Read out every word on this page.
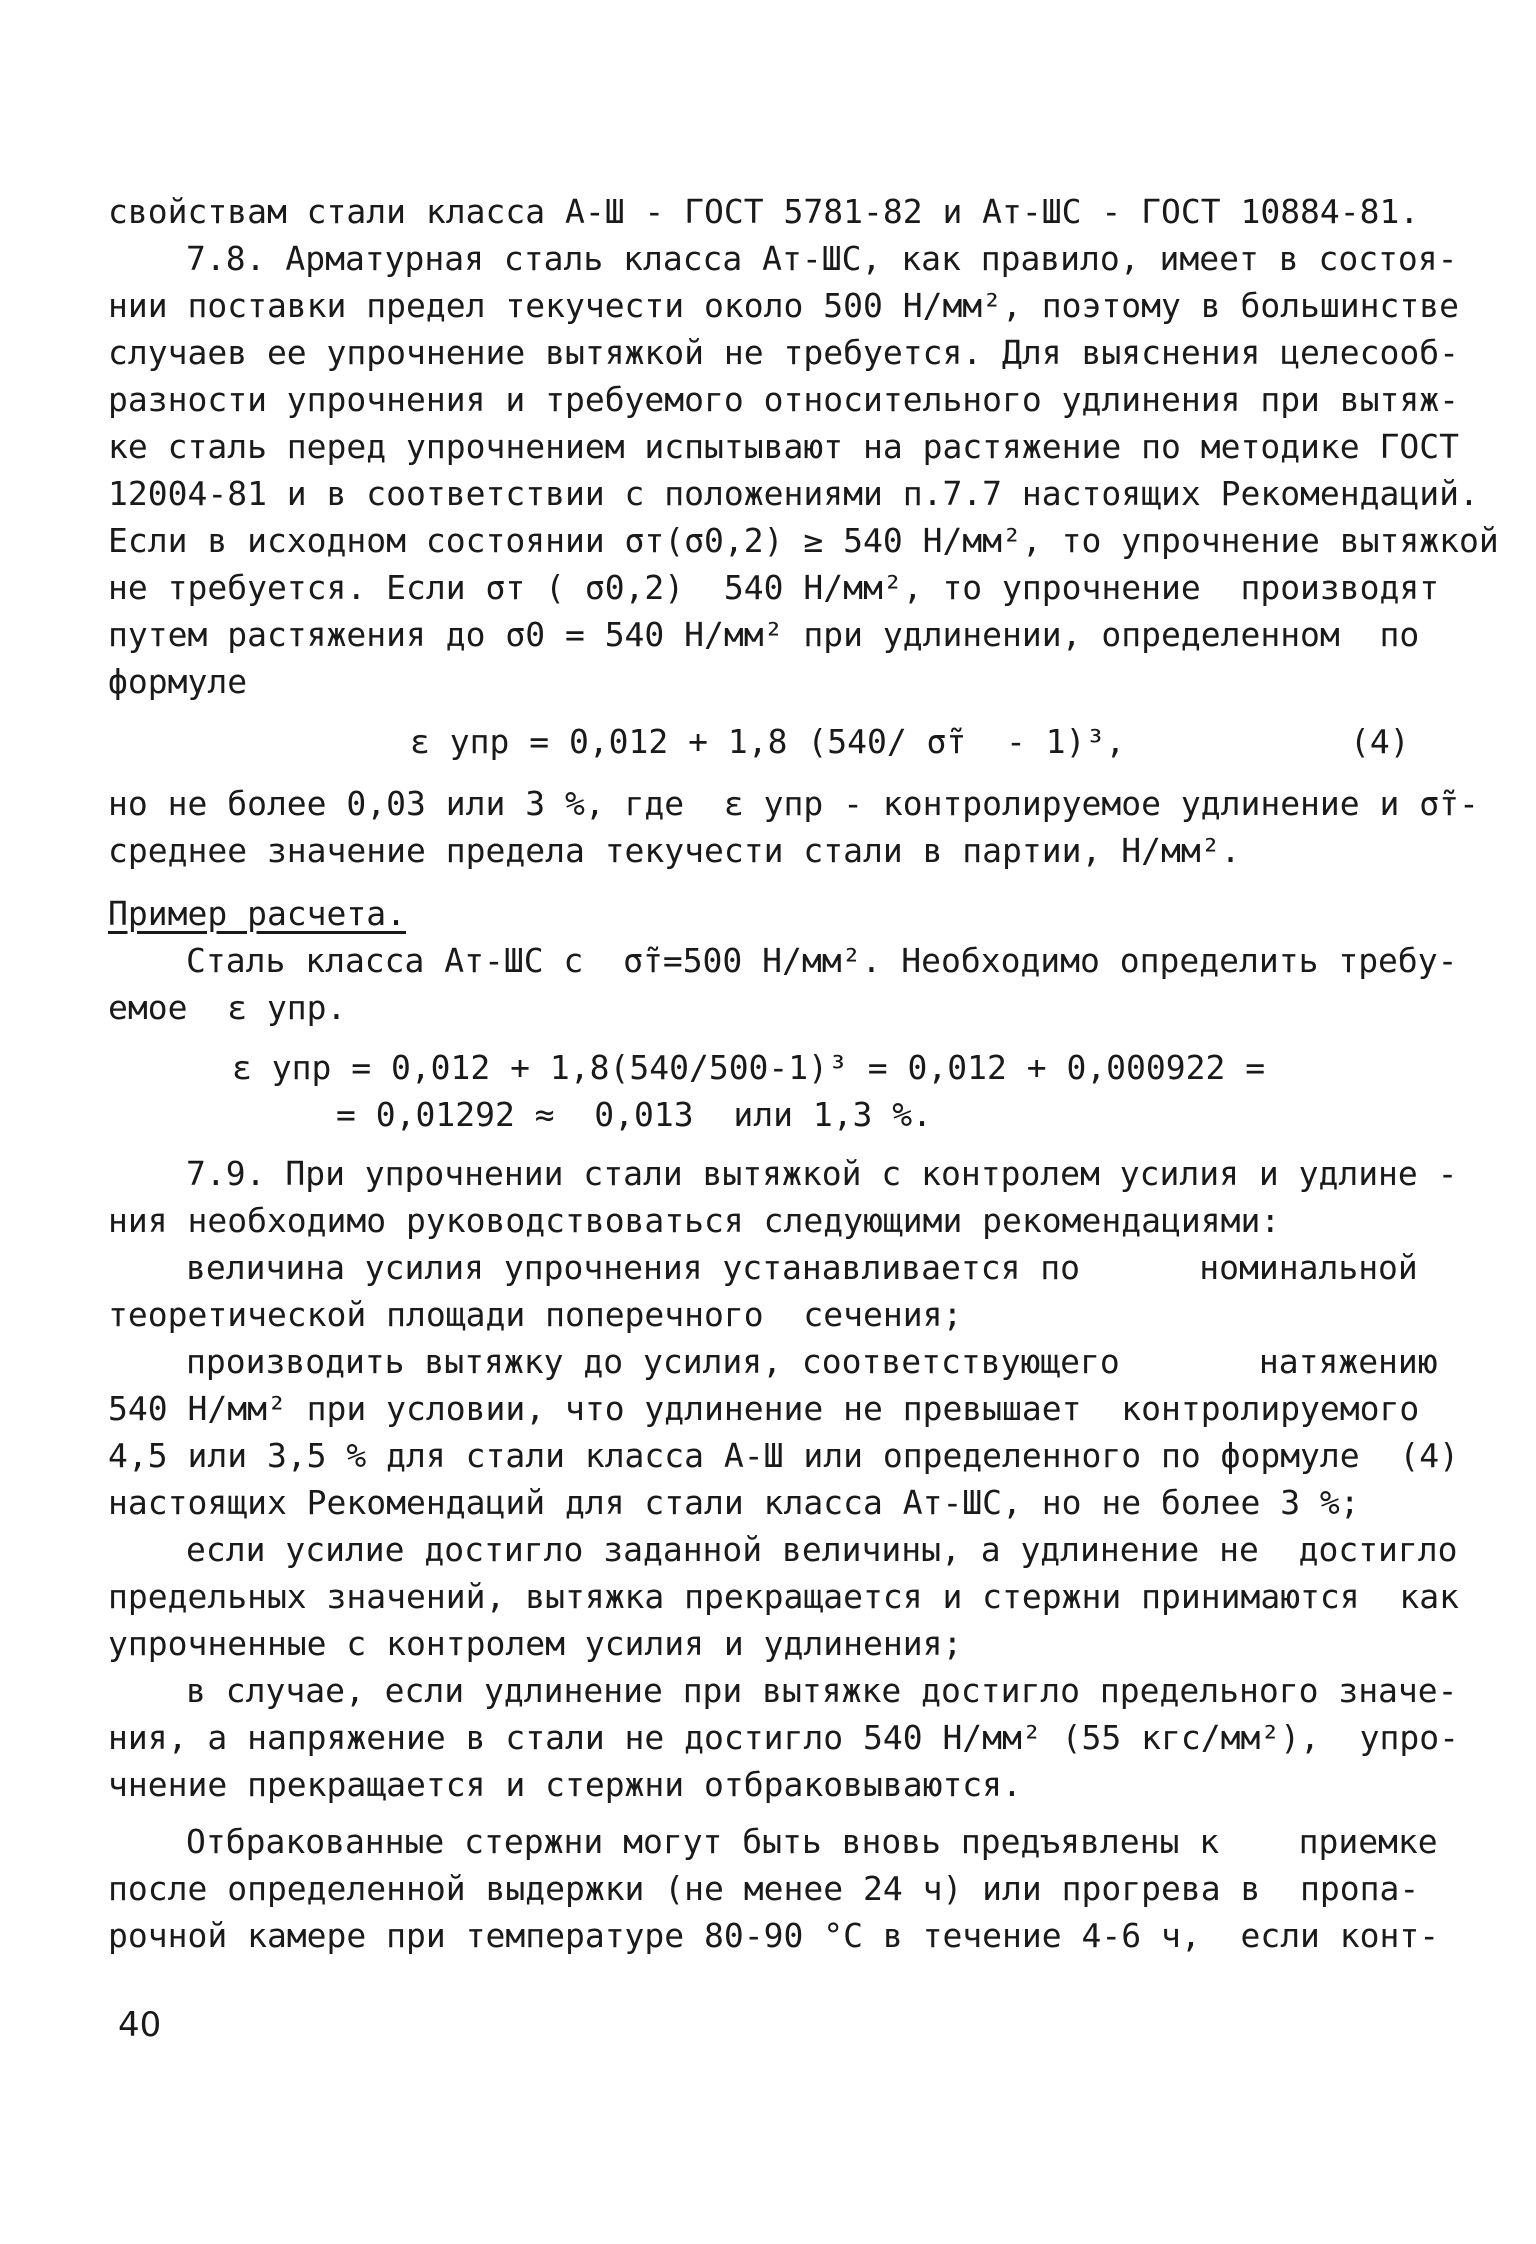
свойствам стали класса А-Ш - ГОСТ 5781-82 и Ат-ШС - ГОСТ 10884-81.
7.8. Арматурная сталь класса Ат-ШС, как правило, имеет в состоя-
нии поставки предел текучести около 500 Н/мм², поэтому в большинстве
случаев ее упрочнение вытяжкой не требуется. Для выяснения целесооб-
разности упрочнения и требуемого относительного удлинения при вытяж-
ке сталь перед упрочнением испытывают на растяжение по методике ГОСТ
12004-81 и в соответствии с положениями п.7.7 настоящих Рекомендаций.
Если в исходном состоянии σт(σ0,2) ≥ 540 Н/мм², то упрочнение вытяжкой
не требуется. Если σт ( σ0,2)  540 Н/мм², то упрочнение  производят
путем растяжения до σ0 = 540 Н/мм² при удлинении, определенном  по
формуле
ε упр = 0,012 + 1,8 (540/ σ̃т  - 1)³,	(4)
но не более 0,03 или 3 %, где  ε упр - контролируемое удлинение и σ̃т-
среднее значение предела текучести стали в партии, Н/мм².
Пример расчета.
Сталь класса Ат-ШС с  σ̃т=500 Н/мм². Необходимо определить требу-
емое  ε упр.
ε упр = 0,012 + 1,8(540/500-1)³ = 0,012 + 0,000922 =
= 0,01292 ≈  0,013  или 1,3 %.
7.9. При упрочнении стали вытяжкой с контролем усилия и удлине -
ния необходимо руководствоваться следующими рекомендациями:
величина усилия упрочнения устанавливается по      номинальной
теоретической площади поперечного  сечения;
производить вытяжку до усилия, соответствующего       натяжению
540 Н/мм² при условии, что удлинение не превышает  контролируемого
4,5 или 3,5 % для стали класса А-Ш или определенного по формуле  (4)
настоящих Рекомендаций для стали класса Ат-ШС, но не более 3 %;
если усилие достигло заданной величины, а удлинение не  достигло
предельных значений, вытяжка прекращается и стержни принимаются  как
упрочненные с контролем усилия и удлинения;
в случае, если удлинение при вытяжке достигло предельного значе-
ния, а напряжение в стали не достигло 540 Н/мм² (55 кгс/мм²),  упро-
чнение прекращается и стержни отбраковываются.
Отбракованные стержни могут быть вновь предъявлены к    приемке
после определенной выдержки (не менее 24 ч) или прогрева в  пропа-
рочной камере при температуре 80-90 °С в течение 4-6 ч,  если конт-
40
